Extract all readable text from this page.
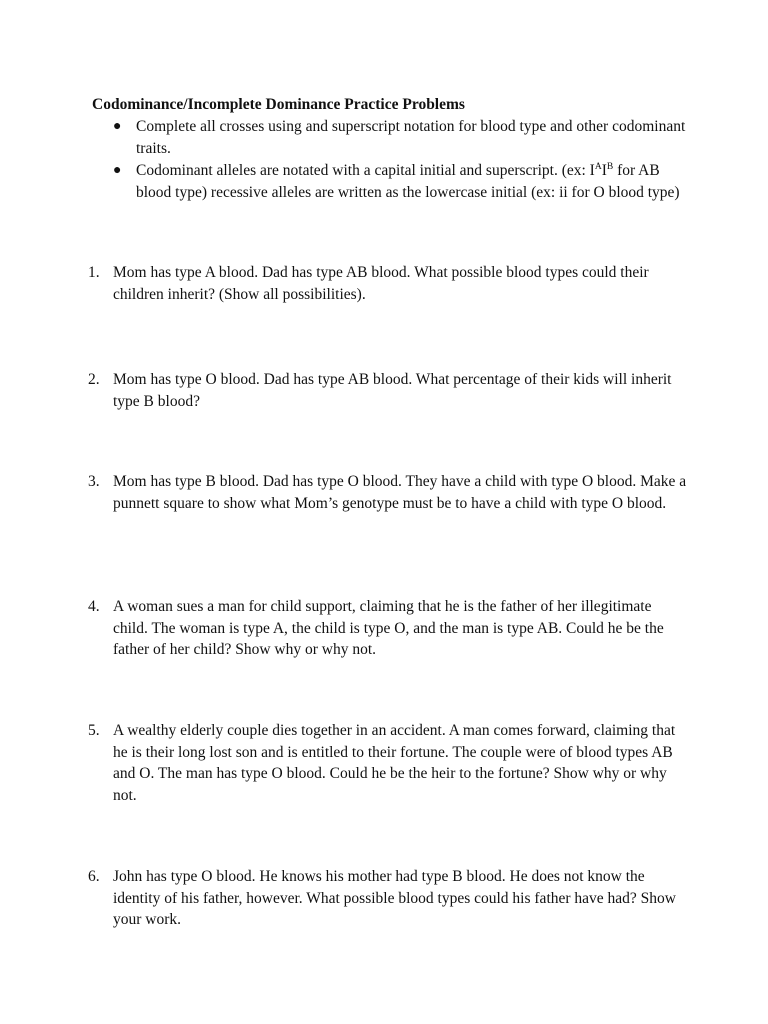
Codominance/Incomplete Dominance Practice Problems
● Complete all crosses using and superscript notation for blood type and other codominant traits.
● Codominant alleles are notated with a capital initial and superscript. (ex: $I^AI^B$ for AB blood type) recessive alleles are written as the lowercase initial (ex: ii for O blood type)
1. Mom has type A blood. Dad has type AB blood. What possible blood types could their children inherit? (Show all possibilities).
2. Mom has type O blood. Dad has type AB blood. What percentage of their kids will inherit type B blood?
3. Mom has type B blood. Dad has type O blood. They have a child with type O blood. Make a punnett square to show what Mom’s genotype must be to have a child with type O blood.
4. A woman sues a man for child support, claiming that he is the father of her illegitimate child. The woman is type A, the child is type O, and the man is type AB. Could he be the father of her child? Show why or why not.
5. A wealthy elderly couple dies together in an accident. A man comes forward, claiming that he is their long lost son and is entitled to their fortune. The couple were of blood types AB and O. The man has type O blood. Could he be the heir to the fortune? Show why or why not.
6. John has type O blood. He knows his mother had type B blood. He does not know the identity of his father, however. What possible blood types could his father have had? Show your work.
